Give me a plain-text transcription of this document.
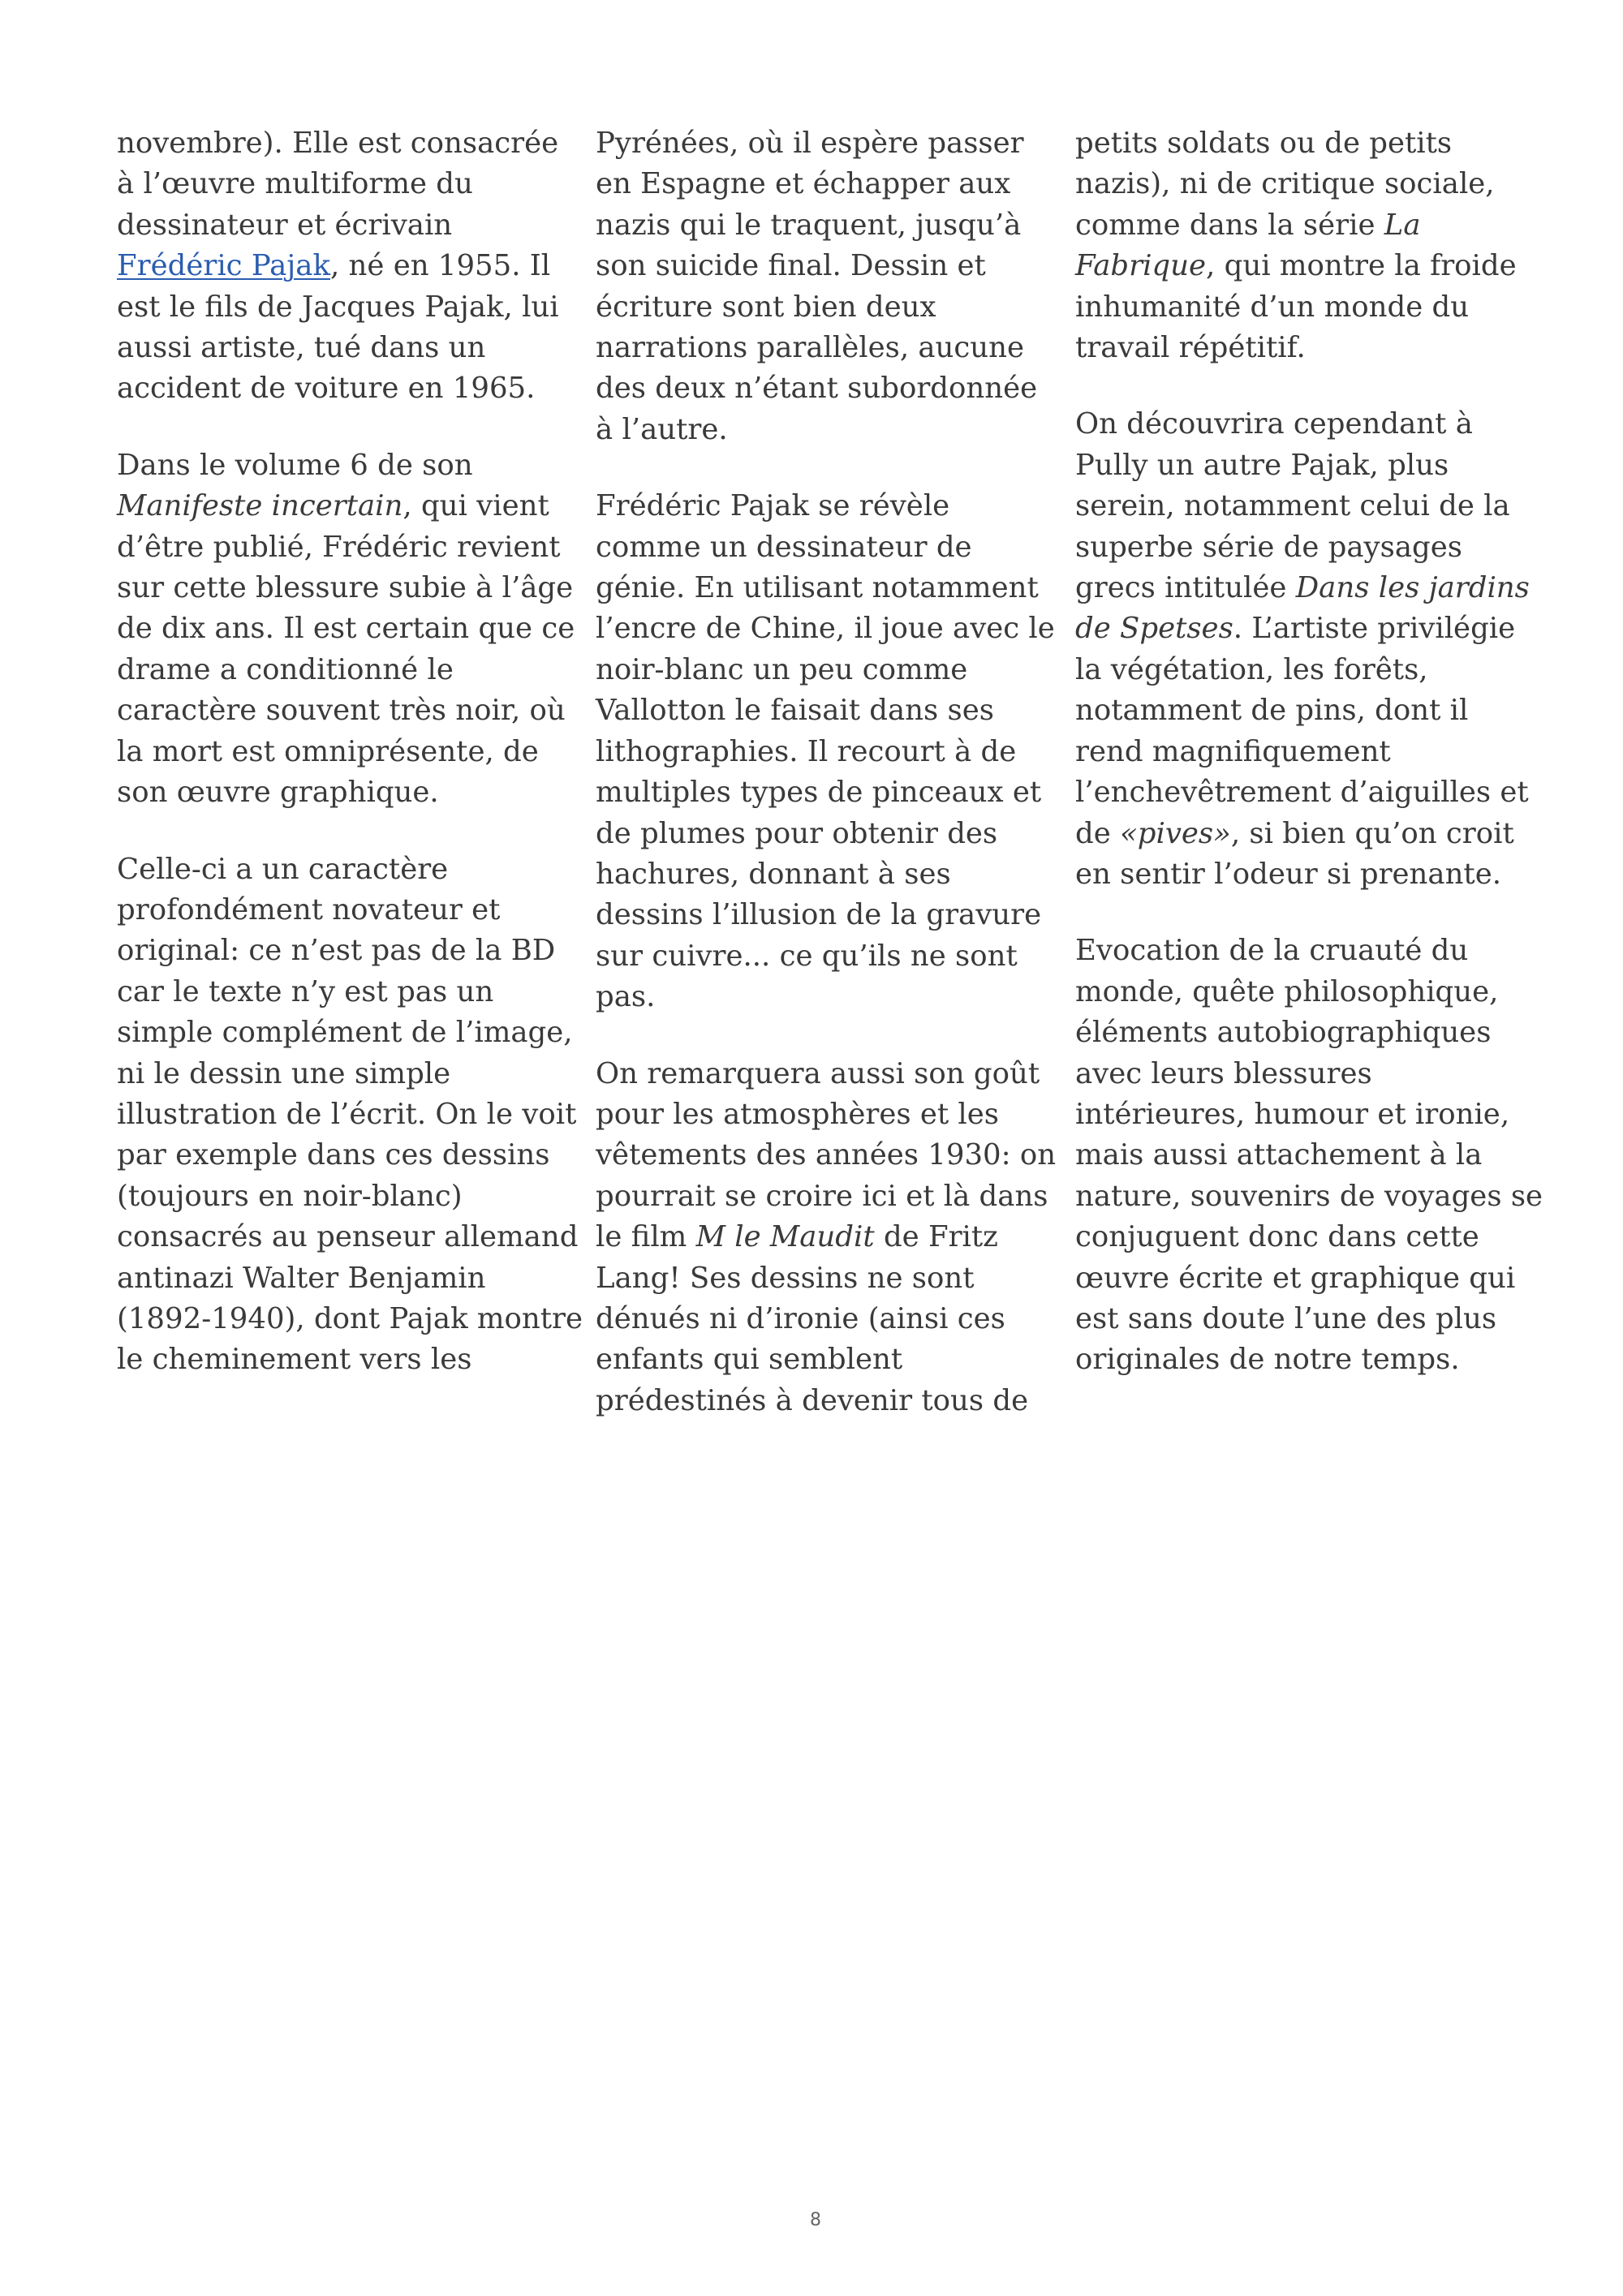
novembre). Elle est consacrée
à l’œuvre multiforme du
dessinateur et écrivain
Frédéric Pajak, né en 1955. Il
est le fils de Jacques Pajak, lui
aussi artiste, tué dans un
accident de voiture en 1965.

Dans le volume 6 de son
Manifeste incertain, qui vient
d’être publié, Frédéric revient
sur cette blessure subie à l’âge
de dix ans. Il est certain que ce
drame a conditionné le
caractère souvent très noir, où
la mort est omniprésente, de
son œuvre graphique.

Celle-ci a un caractère
profondément novateur et
original: ce n’est pas de la BD
car le texte n’y est pas un
simple complément de l’image,
ni le dessin une simple
illustration de l’écrit. On le voit
par exemple dans ces dessins
(toujours en noir-blanc)
consacrés au penseur allemand
antinazi Walter Benjamin
(1892-1940), dont Pajak montre
le cheminement vers les

Pyrénées, où il espère passer
en Espagne et échapper aux
nazis qui le traquent, jusqu’à
son suicide final. Dessin et
écriture sont bien deux
narrations parallèles, aucune
des deux n’étant subordonnée
à l’autre.

Frédéric Pajak se révèle
comme un dessinateur de
génie. En utilisant notamment
l’encre de Chine, il joue avec le
noir-blanc un peu comme
Vallotton le faisait dans ses
lithographies. Il recourt à de
multiples types de pinceaux et
de plumes pour obtenir des
hachures, donnant à ses
dessins l’illusion de la gravure
sur cuivre... ce qu’ils ne sont
pas.

On remarquera aussi son goût
pour les atmosphères et les
vêtements des années 1930: on
pourrait se croire ici et là dans
le film M le Maudit de Fritz
Lang! Ses dessins ne sont
dénués ni d’ironie (ainsi ces
enfants qui semblent
prédestinés à devenir tous de

petits soldats ou de petits
nazis), ni de critique sociale,
comme dans la série La
Fabrique, qui montre la froide
inhumanité d’un monde du
travail répétitif.

On découvrira cependant à
Pully un autre Pajak, plus
serein, notamment celui de la
superbe série de paysages
grecs intitulée Dans les jardins
de Spetses. L’artiste privilégie
la végétation, les forêts,
notamment de pins, dont il
rend magnifiquement
l’enchevêtrement d’aiguilles et
de «pives», si bien qu’on croit
en sentir l’odeur si prenante.

Evocation de la cruauté du
monde, quête philosophique,
éléments autobiographiques
avec leurs blessures
intérieures, humour et ironie,
mais aussi attachement à la
nature, souvenirs de voyages se
conjuguent donc dans cette
œuvre écrite et graphique qui
est sans doute l’une des plus
originales de notre temps.

8
